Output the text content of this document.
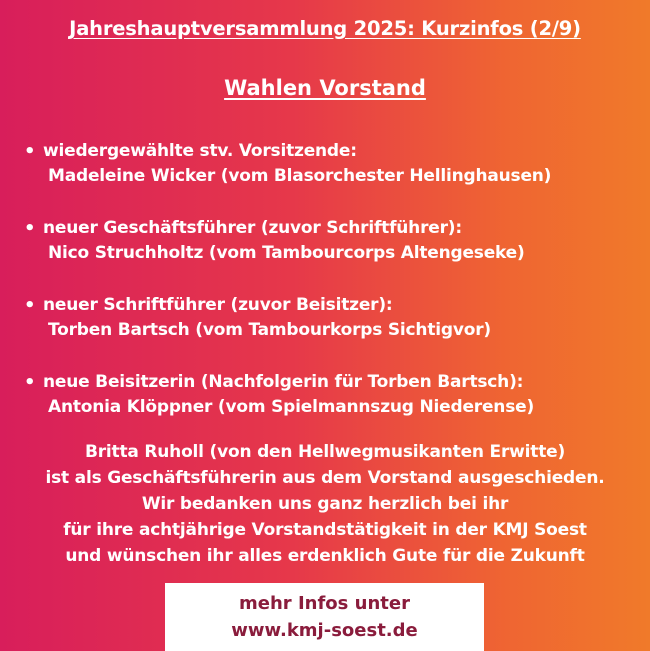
Jahreshauptversammlung 2025: Kurzinfos (2/9)
Wahlen Vorstand
• wiedergewählte stv. Vorsitzende:
Madeleine Wicker (vom Blasorchester Hellinghausen)
• neuer Geschäftsführer (zuvor Schriftführer):
Nico Struchholtz (vom Tambourcorps Altengeseke)
• neuer Schriftführer (zuvor Beisitzer):
Torben Bartsch (vom Tambourkorps Sichtigvor)
• neue Beisitzerin (Nachfolgerin für Torben Bartsch):
Antonia Klöppner (vom Spielmannszug Niederense)

Britta Ruholl (von den Hellwegmusikanten Erwitte)
ist als Geschäftsführerin aus dem Vorstand ausgeschieden.
Wir bedanken uns ganz herzlich bei ihr
für ihre achtjährige Vorstandstätigkeit in der KMJ Soest
und wünschen ihr alles erdenklich Gute für die Zukunft

mehr Infos unter
www.kmj-soest.de
